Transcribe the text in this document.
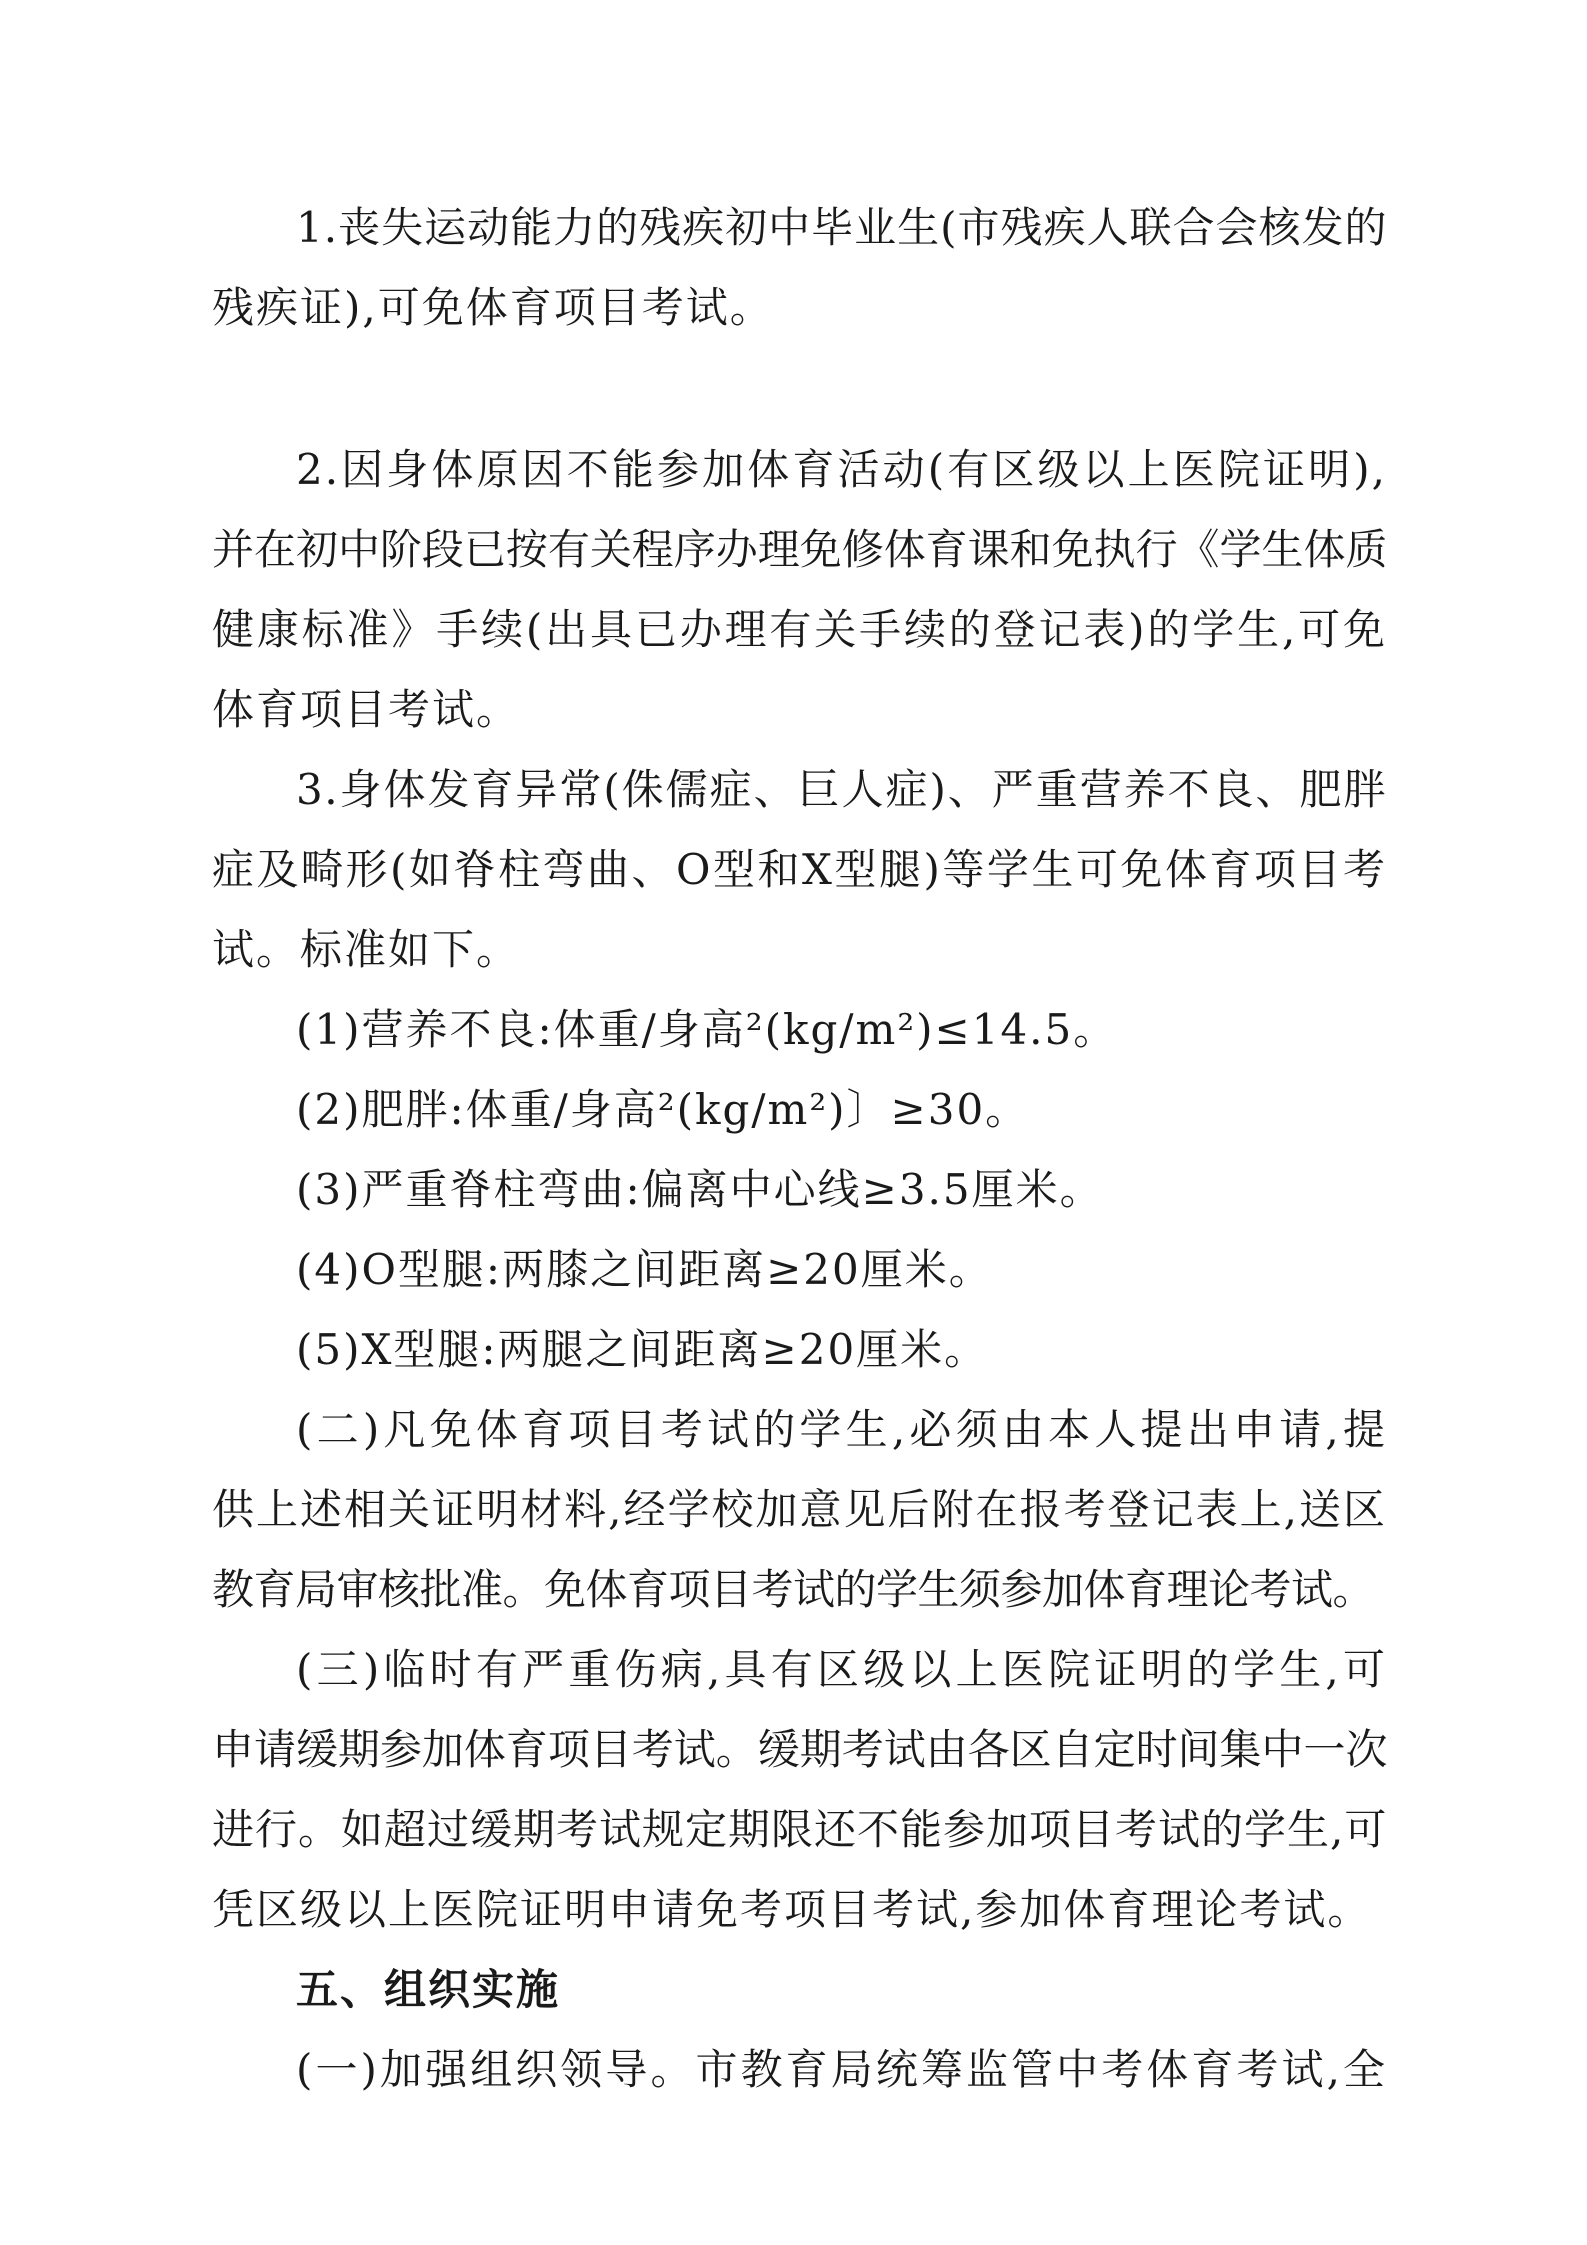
1.丧失运动能力的残疾初中毕业生(市残疾人联合会核发的
残疾证),可免体育项目考试。
2.因身体原因不能参加体育活动(有区级以上医院证明),
并在初中阶段已按有关程序办理免修体育课和免执行《学生体质
健康标准》手续(出具已办理有关手续的登记表)的学生,可免
体育项目考试。
3.身体发育异常(侏儒症、巨人症)、严重营养不良、肥胖
症及畸形(如脊柱弯曲、O型和X型腿)等学生可免体育项目考
试。标准如下。
(1)营养不良:体重/身高²(kg/m²)≤14.5。
(2)肥胖:体重/身高²(kg/m²)〕≥30。
(3)严重脊柱弯曲:偏离中心线≥3.5厘米。
(4)O型腿:两膝之间距离≥20厘米。
(5)X型腿:两腿之间距离≥20厘米。
(二)凡免体育项目考试的学生,必须由本人提出申请,提
供上述相关证明材料,经学校加意见后附在报考登记表上,送区
教育局审核批准。免体育项目考试的学生须参加体育理论考试。
(三)临时有严重伤病,具有区级以上医院证明的学生,可
申请缓期参加体育项目考试。缓期考试由各区自定时间集中一次
进行。如超过缓期考试规定期限还不能参加项目考试的学生,可
凭区级以上医院证明申请免考项目考试,参加体育理论考试。
五、组织实施
(一)加强组织领导。市教育局统筹监管中考体育考试,全
